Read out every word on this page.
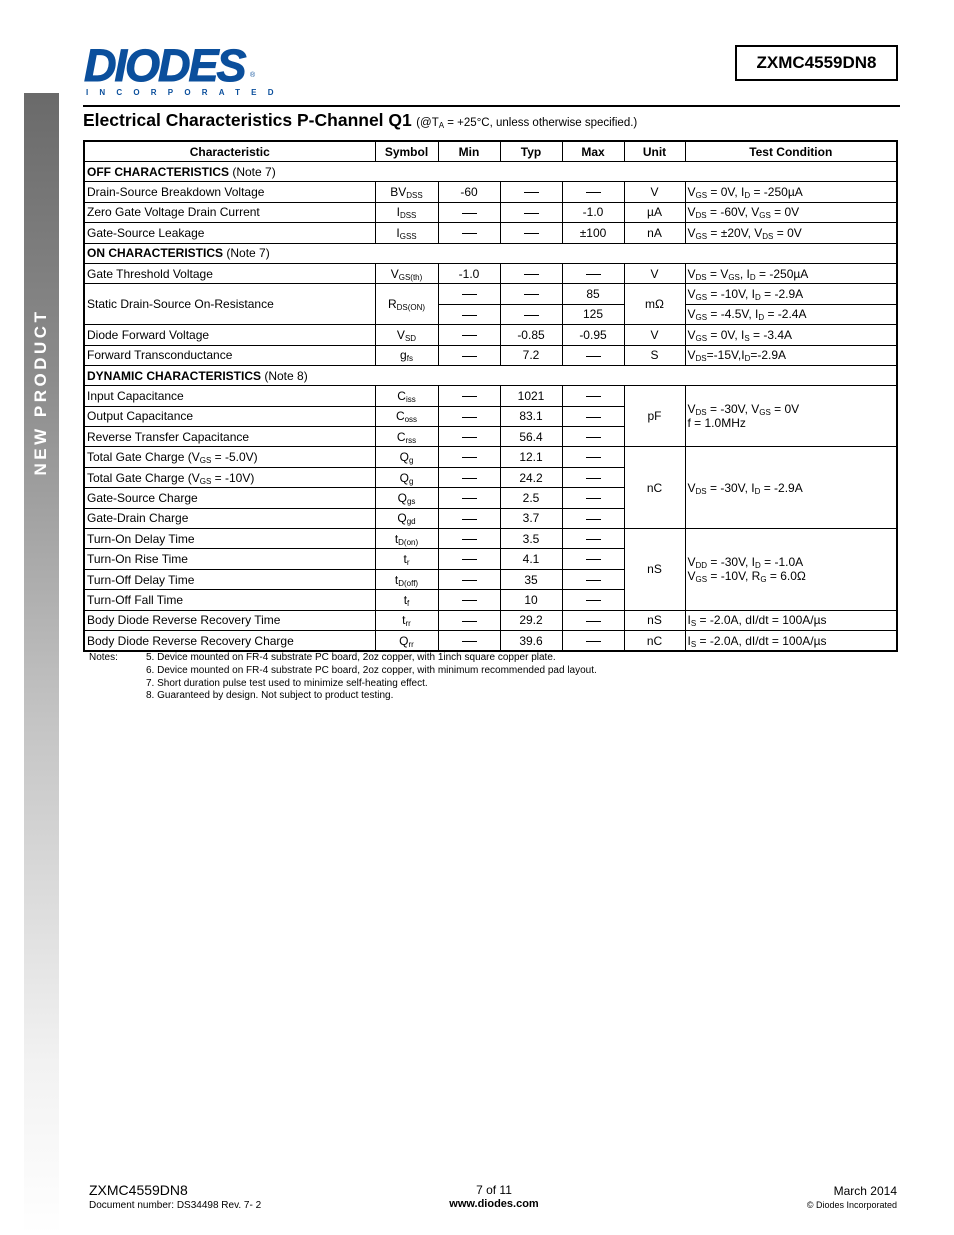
NEW PRODUCT
DIODES
INCORPORATED
®
ZXMC4559DN8
Electrical Characteristics P-Channel Q1 ($@T_A = +25^\circ C$, unless otherwise specified.)
Characteristic	Symbol	Min	Typ	Max	Unit	Test Condition
OFF CHARACTERISTICS (Note 7)						
Drain-Source Breakdown Voltage	$BV_{DSS}$	-60			V	$V_{GS} = 0V$, $I_D = -250\mu A$
Zero Gate Voltage Drain Current	$I_{DSS}$			-1.0	µA	$V_{DS} = -60V$, $V_{GS} = 0V$
Gate-Source Leakage	$I_{GSS}$			±100	nA	$V_{GS} = \pm 20V$, $V_{DS} = 0V$
ON CHARACTERISTICS (Note 7)						
Gate Threshold Voltage	$V_{GS(th)}$	-1.0			V	$V_{DS} = V_{GS}$, $I_D = -250\mu A$
Static Drain-Source On-Resistance	$R_{DS(ON)}$			85	mΩ	$V_{GS} = -10V$, $I_D = -2.9A$
				125		$V_{GS} = -4.5V$, $I_D = -2.4A$
Diode Forward Voltage	$V_{SD}$		-0.85	-0.95	V	$V_{GS} = 0V$, $I_S = -3.4A$
Forward Transconductance	$g_{fs}$		7.2		S	$V_{DS}=-15V,I_D=-2.9A$
DYNAMIC CHARACTERISTICS (Note 8)						
Input Capacitance	$C_{iss}$		1021		pF	$V_{DS} = -30V$, $V_{GS} = 0V$
f = 1.0MHz
Output Capacitance	$C_{oss}$		83.1			
Reverse Transfer Capacitance	$C_{rss}$		56.4			
Total Gate Charge $(V_{GS} = -5.0V)$	$Q_g$		12.1		nC	$V_{DS} = -30V$, $I_D = -2.9A$
Total Gate Charge $(V_{GS} = -10V)$	$Q_g$		24.2			
Gate-Source Charge	$Q_{gs}$		2.5			
Gate-Drain Charge	$Q_{gd}$		3.7			
Turn-On Delay Time	$t_{D(on)}$		3.5		nS	$V_{DD} = -30V$, $I_D = -1.0A$
$V_{GS} = -10V$, $R_G = 6.0\Omega$
Turn-On Rise Time	$t_r$		4.1			
Turn-Off Delay Time	$t_{D(off)}$		35			
Turn-Off Fall Time	$t_f$		10			
Body Diode Reverse Recovery Time	$t_{rr}$		29.2		nS	$I_S = -2.0A$, dI/dt = 100A/µs
Body Diode Reverse Recovery Charge	$Q_{rr}$		39.6		nC	$I_S = -2.0A$, dI/dt = 100A/µs
Notes:	5. Device mounted on FR-4 substrate PC board, 2oz copper, with 1inch square copper plate.
6. Device mounted on FR-4 substrate PC board, 2oz copper, with minimum recommended pad layout.
7. Short duration pulse test used to minimize self-heating effect.
8. Guaranteed by design. Not subject to product testing.
ZXMC4559DN8
Document number: DS34498 Rev. 7- 2
7 of 11
www.diodes.com
March 2014
© Diodes Incorporated
